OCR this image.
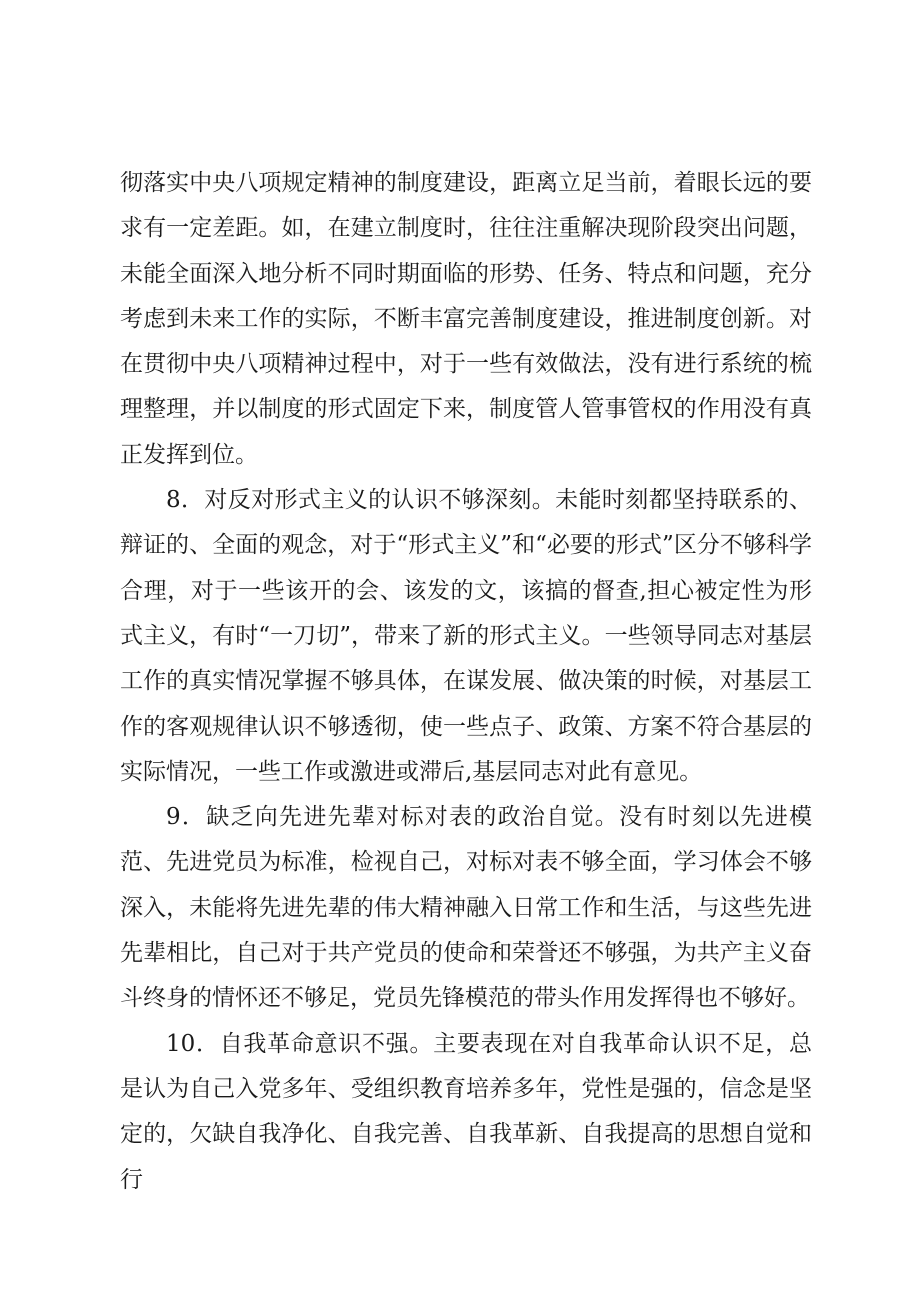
彻落实中央八项规定精神的制度建设，距离立足当前，着眼长远的要求有一定差距。如，在建立制度时，往往注重解决现阶段突出问题，未能全面深入地分析不同时期面临的形势、任务、特点和问题，充分考虑到未来工作的实际，不断丰富完善制度建设，推进制度创新。对在贯彻中央八项精神过程中，对于一些有效做法，没有进行系统的梳理整理，并以制度的形式固定下来，制度管人管事管权的作用没有真正发挥到位。

8．对反对形式主义的认识不够深刻。未能时刻都坚持联系的、辩证的、全面的观念，对于“形式主义”和“必要的形式”区分不够科学合理，对于一些该开的会、该发的文，该搞的督查,担心被定性为形式主义，有时“一刀切”，带来了新的形式主义。一些领导同志对基层工作的真实情况掌握不够具体，在谋发展、做决策的时候，对基层工作的客观规律认识不够透彻，使一些点子、政策、方案不符合基层的实际情况，一些工作或激进或滞后,基层同志对此有意见。

9．缺乏向先进先辈对标对表的政治自觉。没有时刻以先进模范、先进党员为标准，检视自己，对标对表不够全面，学习体会不够深入，未能将先进先辈的伟大精神融入日常工作和生活，与这些先进先辈相比，自己对于共产党员的使命和荣誉还不够强，为共产主义奋斗终身的情怀还不够足，党员先锋模范的带头作用发挥得也不够好。

10．自我革命意识不强。主要表现在对自我革命认识不足，总是认为自己入党多年、受组织教育培养多年，党性是强的，信念是坚定的，欠缺自我净化、自我完善、自我革新、自我提高的思想自觉和行
